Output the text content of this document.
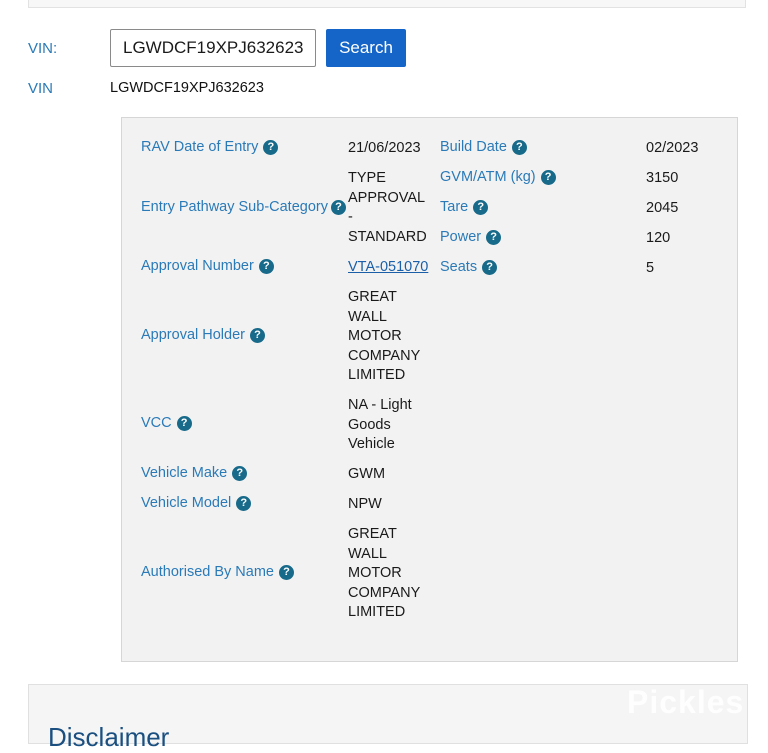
VIN:
LGWDCF19XPJ632623	Search
VIN	LGWDCF19XPJ632623
RAV Date of Entry ?
Entry Pathway Sub-Category ?
Approval Number ?
Approval Holder ?
VCC ?
Vehicle Make ?
Vehicle Model ?
Authorised By Name ?
21/06/2023
TYPE
APPROVAL
-
STANDARD
VTA-051070
GREAT
WALL
MOTOR
COMPANY
LIMITED
NA - Light
Goods
Vehicle
GWM
NPW
GREAT
WALL
MOTOR
COMPANY
LIMITED
Build Date ?
GVM/ATM (kg) ?
Tare ?
Power ?
Seats ?
02/2023
3150
2045
120
5
Disclaimer
Pickles
